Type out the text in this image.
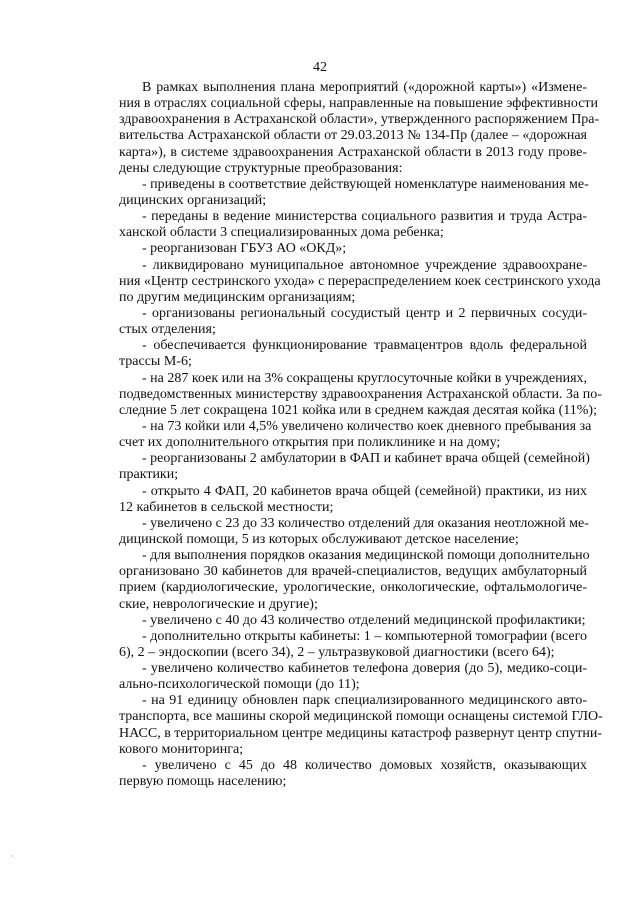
42
В рамках выполнения плана мероприятий («дорожной карты») «Измене-
ния в отраслях социальной сферы, направленные на повышение эффективности
здравоохранения в Астраханской области», утвержденного распоряжением Пра-
вительства Астраханской области от 29.03.2013 № 134-Пр (далее – «дорожная
карта»), в системе здравоохранения Астраханской области в 2013 году прове-
дены следующие структурные преобразования:
- приведены в соответствие действующей номенклатуре наименования ме-
дицинских организаций;
- переданы в ведение министерства социального развития и труда Астра-
ханской области 3 специализированных дома ребенка;
- реорганизован ГБУЗ АО «ОКД»;
- ликвидировано муниципальное автономное учреждение здравоохране-
ния «Центр сестринского ухода» с перераспределением коек сестринского ухода
по другим медицинским организациям;
- организованы региональный сосудистый центр и 2 первичных сосуди-
стых отделения;
- обеспечивается функционирование травмацентров вдоль федеральной
трассы М-6;
- на 287 коек или на 3% сокращены круглосуточные койки в учреждениях,
подведомственных министерству здравоохранения Астраханской области. За по-
следние 5 лет сокращена 1021 койка или в среднем каждая десятая койка (11%);
- на 73 койки или 4,5% увеличено количество коек дневного пребывания за
счет их дополнительного открытия при поликлинике и на дому;
- реорганизованы 2 амбулатории в ФАП и кабинет врача общей (семейной)
практики;
- открыто 4 ФАП, 20 кабинетов врача общей (семейной) практики, из них
12 кабинетов в сельской местности;
- увеличено с 23 до 33 количество отделений для оказания неотложной ме-
дицинской помощи, 5 из которых обслуживают детское население;
- для выполнения порядков оказания медицинской помощи дополнительно
организовано 30 кабинетов для врачей-специалистов, ведущих амбулаторный
прием (кардиологические, урологические, онкологические, офтальмологиче-
ские, неврологические и другие);
- увеличено с 40 до 43 количество отделений медицинской профилактики;
- дополнительно открыты кабинеты: 1 – компьютерной томографии (всего
6), 2 – эндоскопии (всего 34), 2 – ультразвуковой диагностики (всего 64);
- увеличено количество кабинетов телефона доверия (до 5), медико-соци-
ально-психологической помощи (до 11);
- на 91 единицу обновлен парк специализированного медицинского авто-
транспорта, все машины скорой медицинской помощи оснащены системой ГЛО-
НАСС, в территориальном центре медицины катастроф развернут центр спутни-
кового мониторинга;
- увеличено с 45 до 48 количество домовых хозяйств, оказывающих
первую помощь населению;
·
